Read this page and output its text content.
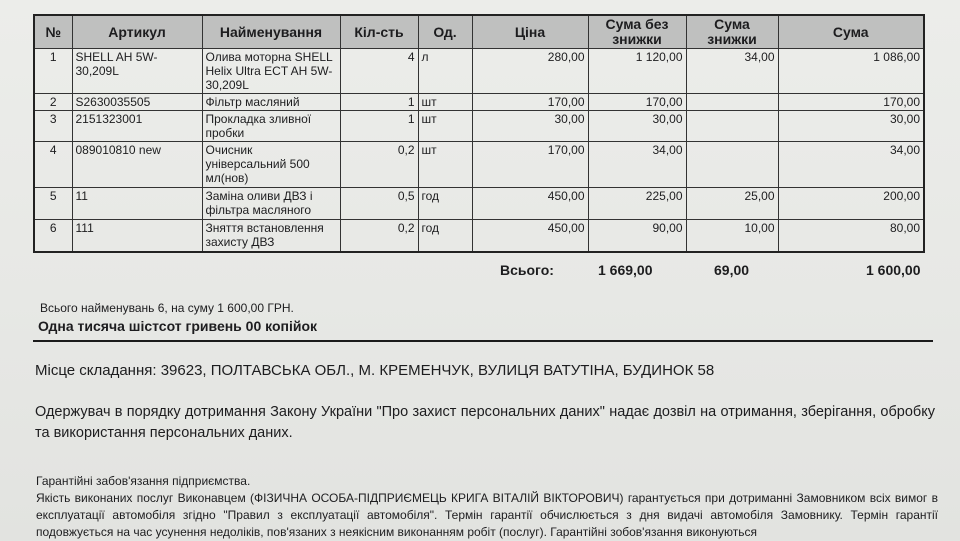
№	Артикул	Найменування	Кіл-сть	Од.	Ціна	Сума без знижки	Сума знижки	Сума
1	SHELL AH 5W-30,209L	Олива моторна SHELL Helix Ultra ECT AH 5W-30,209L	4	л	280,00	1 120,00	34,00	1 086,00
2	S2630035505	Фільтр масляний	1	шт	170,00	170,00		170,00
3	2151323001	Прокладка зливної пробки	1	шт	30,00	30,00		30,00
4	089010810 new	Очисник універсальний 500 мл(нов)	0,2	шт	170,00	34,00		34,00
5	11	Заміна оливи ДВЗ і фільтра масляного	0,5	год	450,00	225,00	25,00	200,00
6	111	Зняття встановлення захисту ДВЗ	0,2	год	450,00	90,00	10,00	80,00
Всього:	1 669,00	69,00	1 600,00
Всього найменувань 6, на суму 1 600,00 ГРН.
Одна тисяча шістсот гривень 00 копійок
Місце складання: 39623, ПОЛТАВСЬКА ОБЛ., М. КРЕМЕНЧУК, ВУЛИЦЯ ВАТУТІНА, БУДИНОК 58
Одержувач в порядку дотримання Закону України "Про захист персональних даних" надає дозвіл на отримання, зберігання, обробку та використання персональних даних.
Гарантійні забов'язання підприємства.
Якість виконаних послуг Виконавцем (ФІЗИЧНА ОСОБА-ПІДПРИЄМЕЦЬ КРИГА ВІТАЛІЙ ВІКТОРОВИЧ) гарантується при дотриманні Замовником всіх вимог в експлуатації автомобіля згідно "Правил з експлуатації автомобіля". Термін гарантії обчислюється з дня видачі автомобіля Замовнику. Термін гарантії подовжується на час усунення недоліків, пов'язаних з неякісним виконанням робіт (послуг). Гарантійні зобов'язання виконуються
